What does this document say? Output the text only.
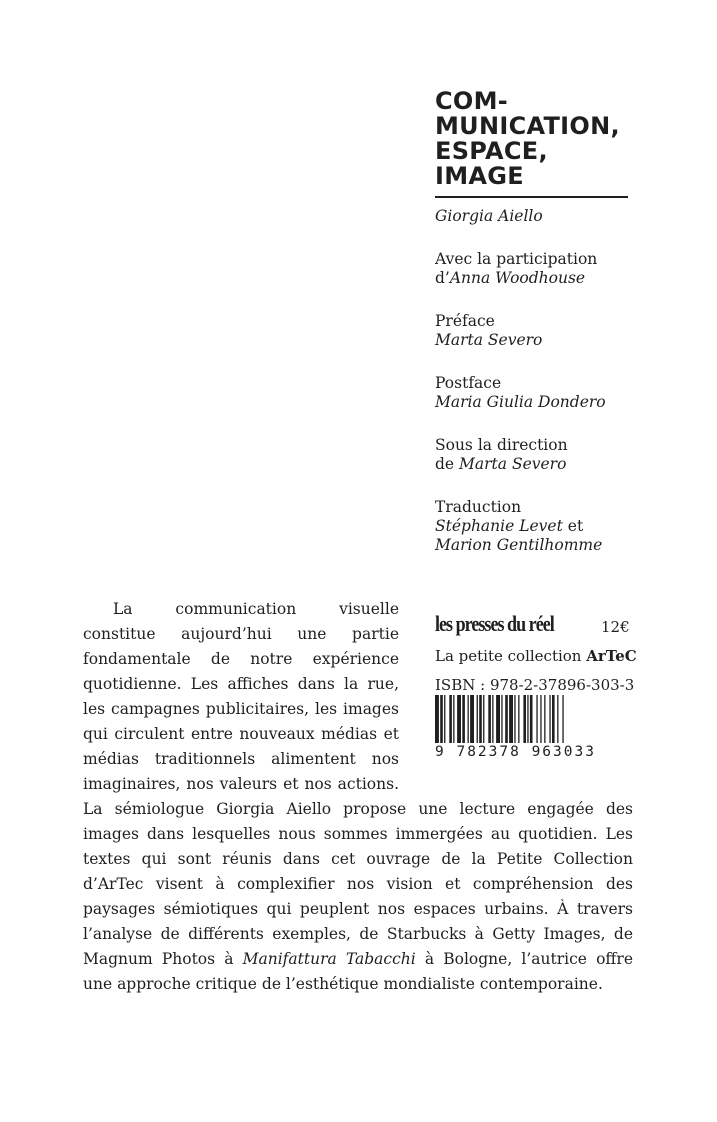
COM-
MUNICATION,
ESPACE,
IMAGE

Giorgia Aiello

Avec la participation
d’Anna Woodhouse

Préface
Marta Severo

Postface
Maria Giulia Dondero

Sous la direction
de Marta Severo

Traduction
Stéphanie Levet et
Marion Gentilhomme

les presses du réel	12€
La petite collection ArTeC
ISBN : 978-2-37896-303-3
9 782378 963033

La communication visuelle constitue aujourd’hui une partie fondamentale de notre expérience quotidienne. Les affiches dans la rue, les campagnes publicitaires, les images qui circulent entre nouveaux médias et médias traditionnels alimentent nos imaginaires, nos valeurs et nos actions. La sémiologue Giorgia Aiello propose une lecture engagée des images dans lesquelles nous sommes immergées au quotidien. Les textes qui sont réunis dans cet ouvrage de la Petite Collection d’ArTec visent à complexifier nos vision et compréhension des paysages sémiotiques qui peuplent nos espaces urbains. À travers l’analyse de différents exemples, de Starbucks à Getty Images, de Magnum Photos à Manifattura Tabacchi à Bologne, l’autrice offre une approche critique de l’esthétique mondialiste contemporaine.
